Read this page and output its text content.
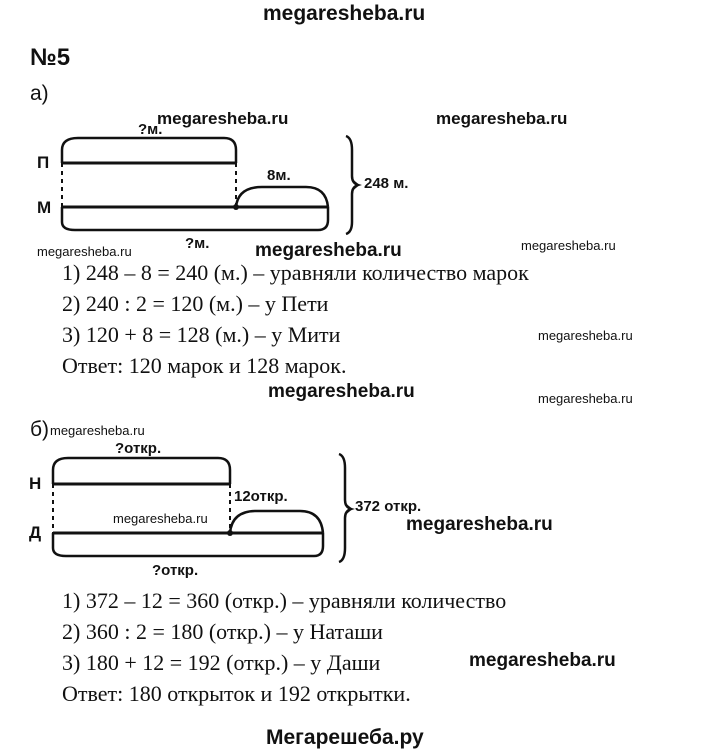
megaresheba.ru
№5
а)
П
М
?м.
?м.
8м.	248 м.
megaresheba.ru	megaresheba.ru
megaresheba.ru	megaresheba.ru	megaresheba.ru
megaresheba.ru
megaresheba.ru	megaresheba.ru
1) 248 – 8 = 240 (м.) – уравняли количество марок
2) 240 : 2 = 120 (м.) – у Пети
3) 120 + 8 = 128 (м.) – у Мити
Ответ: 120 марок и 128 марок.
б) megaresheba.ru
Н
Д
?откр.
?откр.
12откр.
372 откр.
megaresheba.ru	megaresheba.ru
megaresheba.ru
1) 372 – 12 = 360 (откр.) – уравняли количество
2) 360 : 2 = 180 (откр.) – у Наташи
3) 180 + 12 = 192 (откр.) – у Даши
Ответ: 180 открыток и 192 открытки.
Мегарешеба.ру
